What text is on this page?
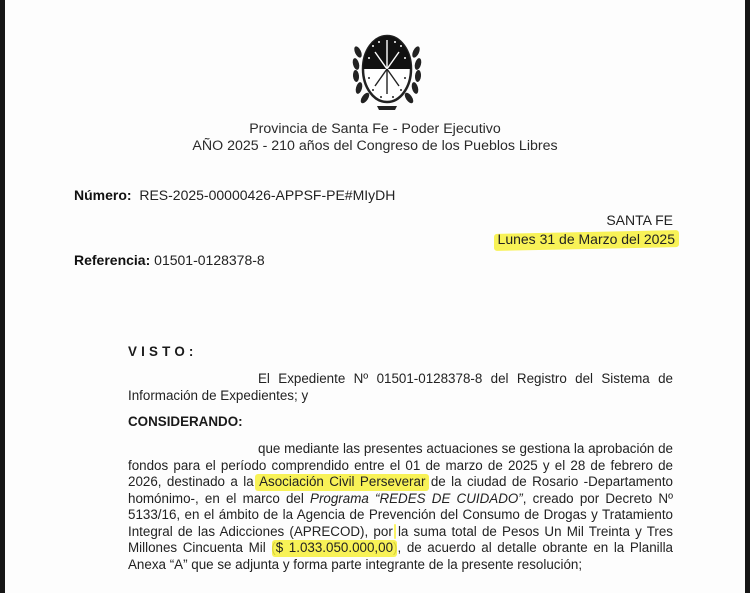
Provincia de Santa Fe - Poder Ejecutivo
AÑO 2025 - 210 años del Congreso de los Pueblos Libres
Número: RES-2025-00000426-APPSF-PE#MIyDH
SANTA FE
Lunes 31 de Marzo del 2025
Referencia: 01501-0128378-8
VISTO:
El Expediente Nº 01501-0128378-8 del Registro del Sistema de Información de Expedientes; y
CONSIDERANDO:
que mediante las presentes actuaciones se gestiona la aprobación de fondos para el período comprendido entre el 01 de marzo de 2025 y el 28 de febrero de 2026, destinado a la Asociación Civil Perseverar de la ciudad de Rosario -Departamento homónimo-, en el marco del Programa “REDES DE CUIDADO”, creado por Decreto Nº 5133/16, en el ámbito de la Agencia de Prevención del Consumo de Drogas y Tratamiento Integral de las Adicciones (APRECOD), por la suma total de Pesos Un Mil Treinta y Tres Millones Cincuenta Mil ($ 1.033.050.000,00), de acuerdo al detalle obrante en la Planilla Anexa “A” que se adjunta y forma parte integrante de la presente resolución;
